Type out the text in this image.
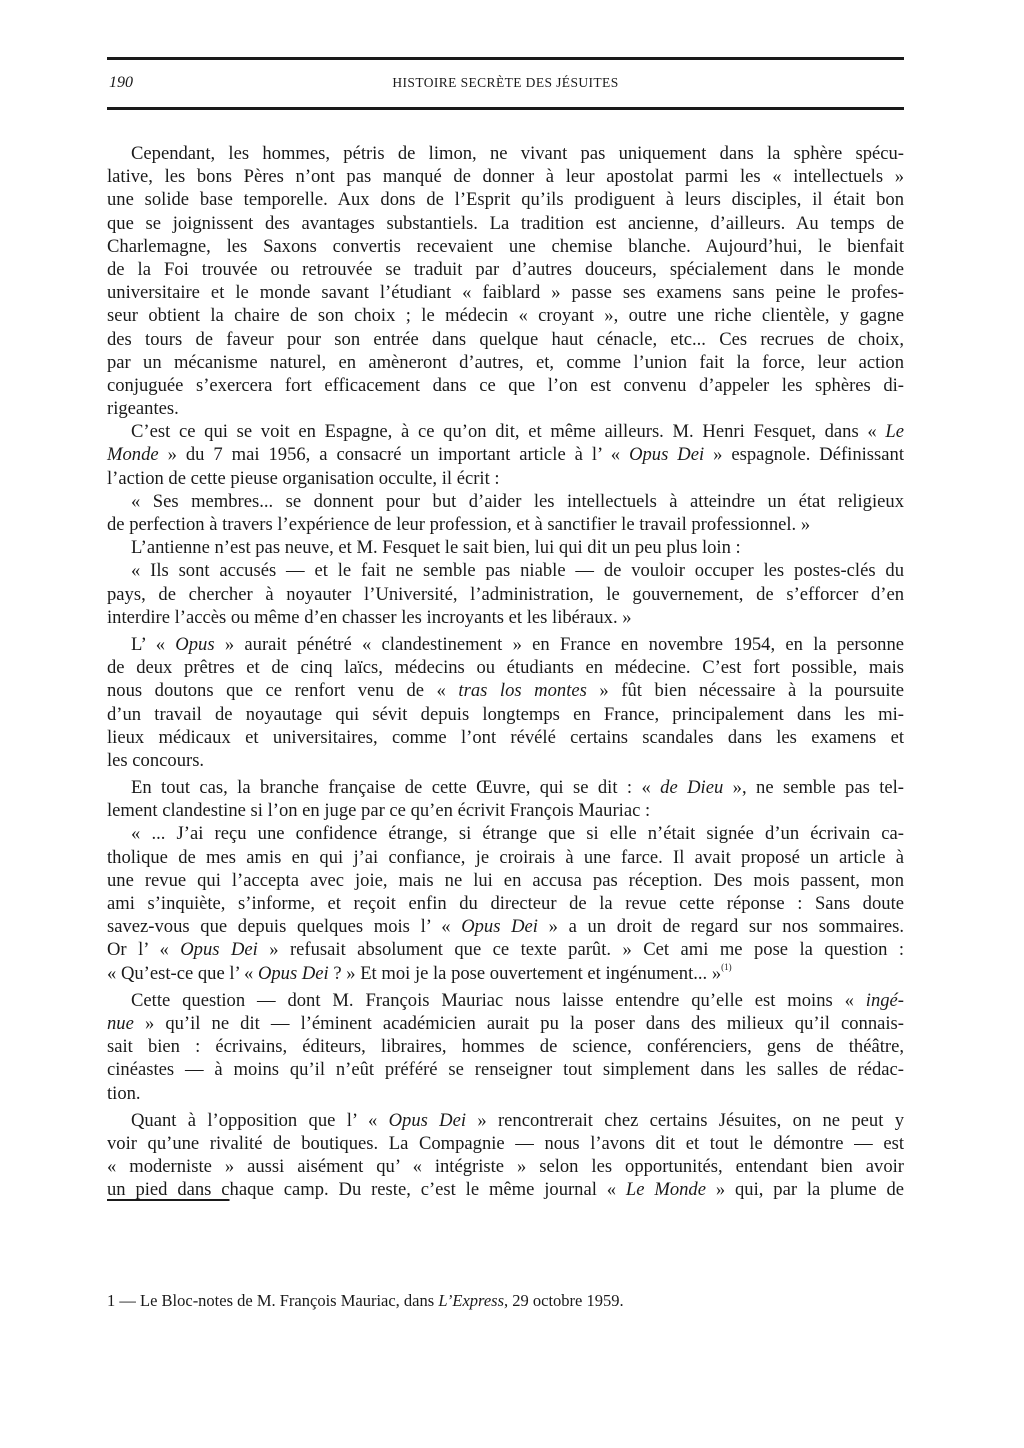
190	HISTOIRE SECRÈTE DES JÉSUITES
Cependant, les hommes, pétris de limon, ne vivant pas uniquement dans la sphère spécu-
lative, les bons Pères n’ont pas manqué de donner à leur apostolat parmi les « intellectuels »
une solide base temporelle. Aux dons de l’Esprit qu’ils prodiguent à leurs disciples, il était bon
que se joignissent des avantages substantiels. La tradition est ancienne, d’ailleurs. Au temps de
Charlemagne, les Saxons convertis recevaient une chemise blanche. Aujourd’hui, le bienfait
de la Foi trouvée ou retrouvée se traduit par d’autres douceurs, spécialement dans le monde
universitaire et le monde savant l’étudiant « faiblard » passe ses examens sans peine le profes-
seur obtient la chaire de son choix ; le médecin « croyant », outre une riche clientèle, y gagne
des tours de faveur pour son entrée dans quelque haut cénacle, etc... Ces recrues de choix,
par un mécanisme naturel, en amèneront d’autres, et, comme l’union fait la force, leur action
conjuguée s’exercera fort efficacement dans ce que l’on est convenu d’appeler les sphères di-
rigeantes.
C’est ce qui se voit en Espagne, à ce qu’on dit, et même ailleurs. M. Henri Fesquet, dans « Le
Monde » du 7 mai 1956, a consacré un important article à l’ « Opus Dei » espagnole. Définissant
l’action de cette pieuse organisation occulte, il écrit :
« Ses membres... se donnent pour but d’aider les intellectuels à atteindre un état religieux
de perfection à travers l’expérience de leur profession, et à sanctifier le travail professionnel. »
L’antienne n’est pas neuve, et M. Fesquet le sait bien, lui qui dit un peu plus loin :
« Ils sont accusés — et le fait ne semble pas niable — de vouloir occuper les postes-clés du
pays, de chercher à noyauter l’Université, l’administration, le gouvernement, de s’efforcer d’en
interdire l’accès ou même d’en chasser les incroyants et les libéraux. »
L’ « Opus » aurait pénétré « clandestinement » en France en novembre 1954, en la personne
de deux prêtres et de cinq laïcs, médecins ou étudiants en médecine. C’est fort possible, mais
nous doutons que ce renfort venu de « tras los montes » fût bien nécessaire à la poursuite
d’un travail de noyautage qui sévit depuis longtemps en France, principalement dans les mi-
lieux médicaux et universitaires, comme l’ont révélé certains scandales dans les examens et
les concours.
En tout cas, la branche française de cette Œuvre, qui se dit : « de Dieu », ne semble pas tel-
lement clandestine si l’on en juge par ce qu’en écrivit François Mauriac :
« ... J’ai reçu une confidence étrange, si étrange que si elle n’était signée d’un écrivain ca-
tholique de mes amis en qui j’ai confiance, je croirais à une farce. Il avait proposé un article à
une revue qui l’accepta avec joie, mais ne lui en accusa pas réception. Des mois passent, mon
ami s’inquiète, s’informe, et reçoit enfin du directeur de la revue cette réponse : Sans doute
savez-vous que depuis quelques mois l’ « Opus Dei » a un droit de regard sur nos sommaires.
Or l’ « Opus Dei » refusait absolument que ce texte parût. » Cet ami me pose la question :
« Qu’est-ce que l’ « Opus Dei ? » Et moi je la pose ouvertement et ingénument... »$^{(1)}$
Cette question — dont M. François Mauriac nous laisse entendre qu’elle est moins « ingé-
nue » qu’il ne dit — l’éminent académicien aurait pu la poser dans des milieux qu’il connais-
sait bien : écrivains, éditeurs, libraires, hommes de science, conférenciers, gens de théâtre,
cinéastes — à moins qu’il n’eût préféré se renseigner tout simplement dans les salles de rédac-
tion.
Quant à l’opposition que l’ « Opus Dei » rencontrerait chez certains Jésuites, on ne peut y
voir qu’une rivalité de boutiques. La Compagnie — nous l’avons dit et tout le démontre — est
« moderniste » aussi aisément qu’ « intégriste » selon les opportunités, entendant bien avoir
un pied dans chaque camp. Du reste, c’est le même journal « Le Monde » qui, par la plume de
1 — Le Bloc-notes de M. François Mauriac, dans L’Express, 29 octobre 1959.
